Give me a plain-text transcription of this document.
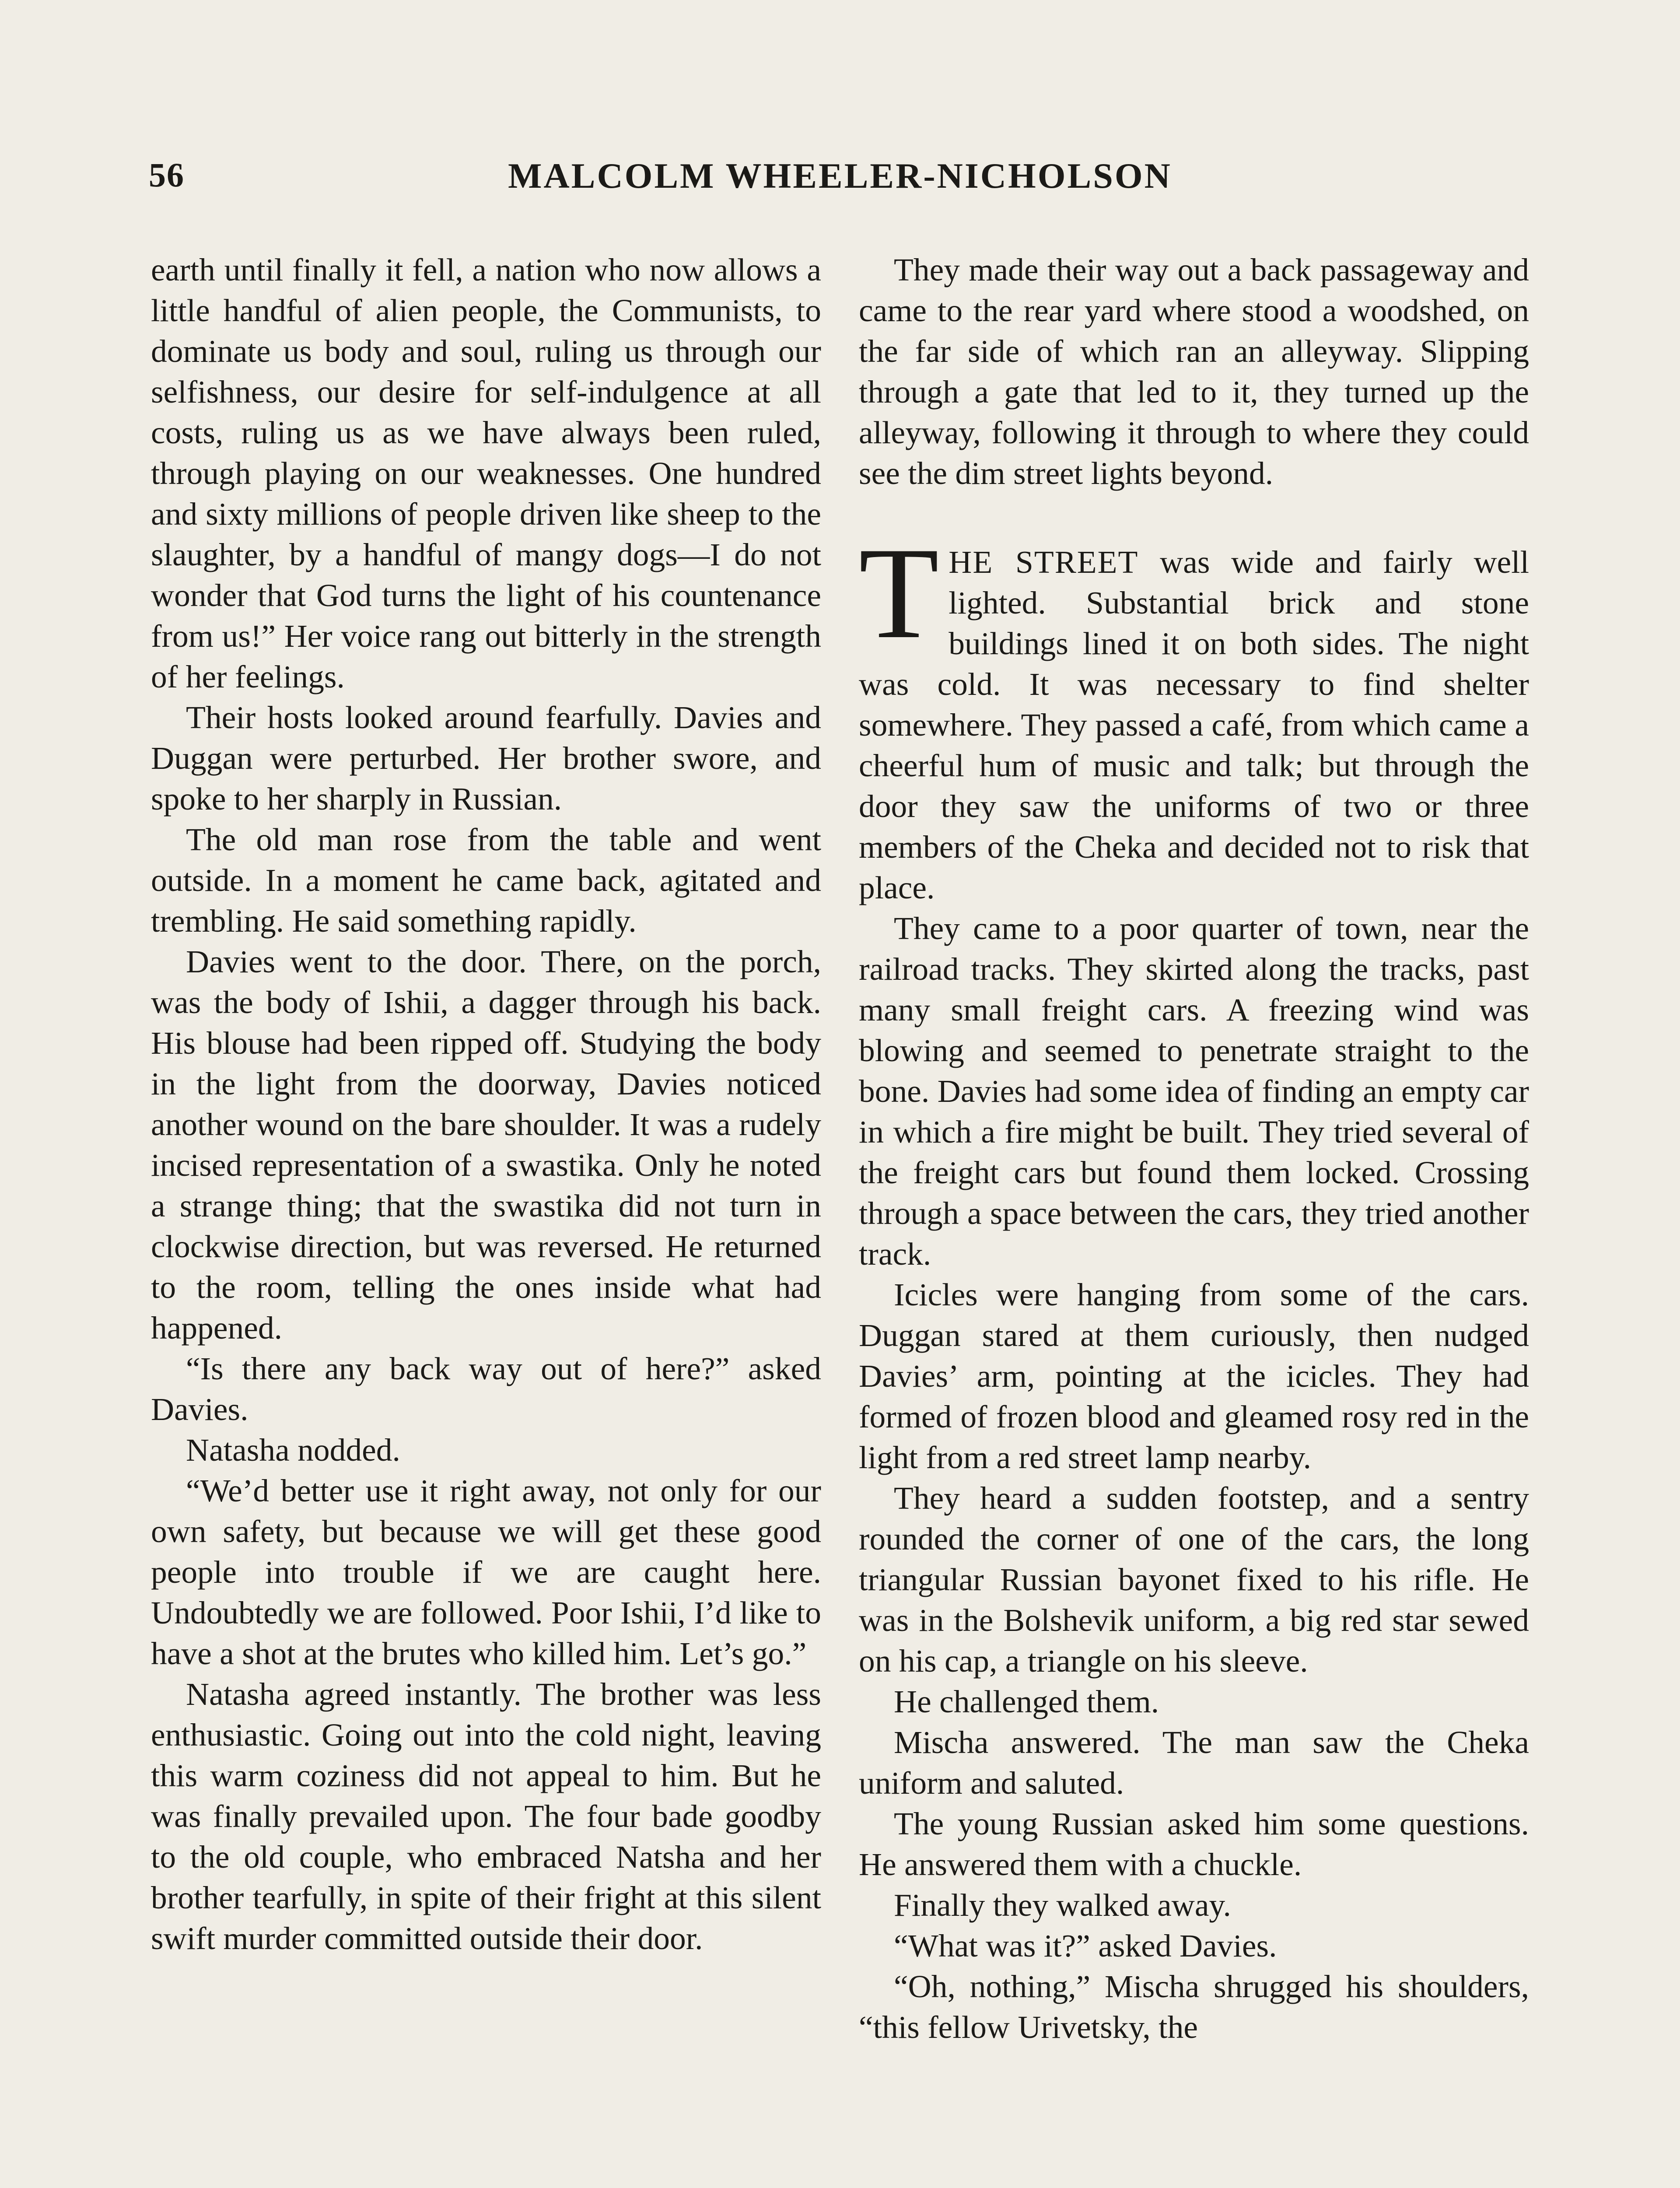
56	MALCOLM WHEELER-NICHOLSON

earth until finally it fell, a nation who now allows a little handful of alien people, the Communists, to dominate us body and soul, ruling us through our selfishness, our desire for self-indulgence at all costs, ruling us as we have always been ruled, through playing on our weaknesses. One hundred and sixty millions of people driven like sheep to the slaughter, by a handful of mangy dogs—I do not wonder that God turns the light of his countenance from us!” Her voice rang out bitterly in the strength of her feelings.

Their hosts looked around fearfully. Davies and Duggan were perturbed. Her brother swore, and spoke to her sharply in Russian.

The old man rose from the table and went outside. In a moment he came back, agitated and trembling. He said something rapidly.

Davies went to the door. There, on the porch, was the body of Ishii, a dagger through his back. His blouse had been ripped off. Studying the body in the light from the doorway, Davies noticed another wound on the bare shoulder. It was a rudely incised representation of a swastika. Only he noted a strange thing; that the swastika did not turn in clockwise direction, but was reversed. He returned to the room, telling the ones inside what had happened.

“Is there any back way out of here?” asked Davies.

Natasha nodded.

“We’d better use it right away, not only for our own safety, but because we will get these good people into trouble if we are caught here. Undoubtedly we are followed. Poor Ishii, I’d like to have a shot at the brutes who killed him. Let’s go.”

Natasha agreed instantly. The brother was less enthusiastic. Going out into the cold night, leaving this warm coziness did not appeal to him. But he was finally prevailed upon. The four bade goodby to the old couple, who embraced Natsha and her brother tearfully, in spite of their fright at this silent swift murder committed outside their door.

They made their way out a back passageway and came to the rear yard where stood a woodshed, on the far side of which ran an alleyway. Slipping through a gate that led to it, they turned up the alleyway, following it through to where they could see the dim street lights beyond.

THE STREET was wide and fairly well lighted. Substantial brick and stone buildings lined it on both sides. The night was cold. It was necessary to find shelter somewhere. They passed a café, from which came a cheerful hum of music and talk; but through the door they saw the uniforms of two or three members of the Cheka and decided not to risk that place.

They came to a poor quarter of town, near the railroad tracks. They skirted along the tracks, past many small freight cars. A freezing wind was blowing and seemed to penetrate straight to the bone. Davies had some idea of finding an empty car in which a fire might be built. They tried several of the freight cars but found them locked. Crossing through a space between the cars, they tried another track.

Icicles were hanging from some of the cars. Duggan stared at them curiously, then nudged Davies’ arm, pointing at the icicles. They had formed of frozen blood and gleamed rosy red in the light from a red street lamp nearby.

They heard a sudden footstep, and a sentry rounded the corner of one of the cars, the long triangular Russian bayonet fixed to his rifle. He was in the Bolshevik uniform, a big red star sewed on his cap, a triangle on his sleeve.

He challenged them.

Mischa answered. The man saw the Cheka uniform and saluted.

The young Russian asked him some questions. He answered them with a chuckle.

Finally they walked away.

“What was it?” asked Davies.

“Oh, nothing,” Mischa shrugged his shoulders, “this fellow Urivetsky, the
